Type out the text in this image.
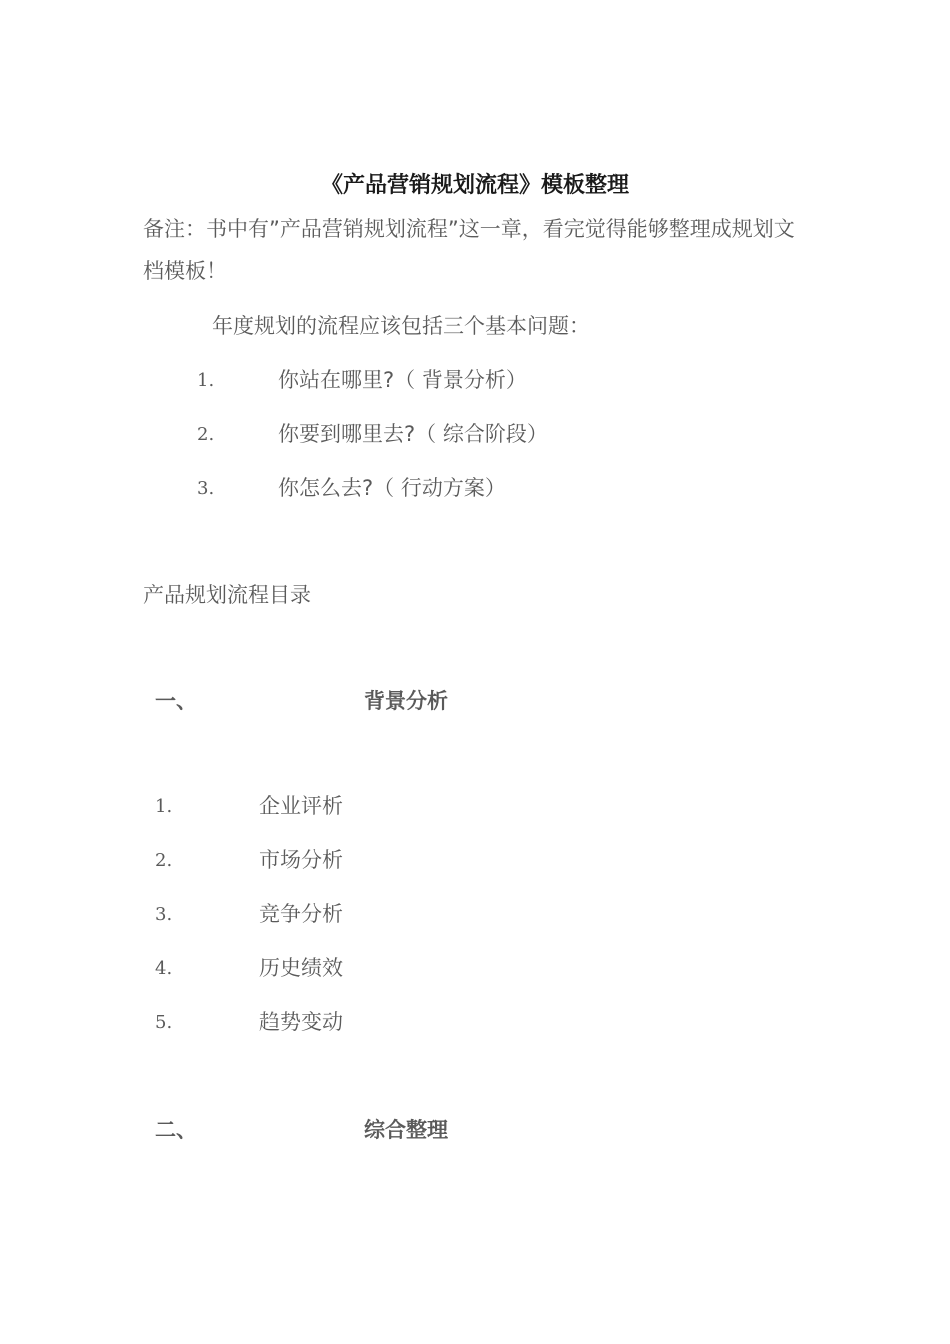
《产品营销规划流程》模板整理
备注：书中有”产品营销规划流程”这一章，看完觉得能够整理成规划文档模板！
年度规划的流程应该包括三个基本问题：
1.	你站在哪里?（ 背景分析）
2.	你要到哪里去?（ 综合阶段）
3.	你怎么去?（ 行动方案）
产品规划流程目录
一、	背景分析
1.	企业评析
2.	市场分析
3.	竞争分析
4.	历史绩效
5.	趋势变动
二、	综合整理
